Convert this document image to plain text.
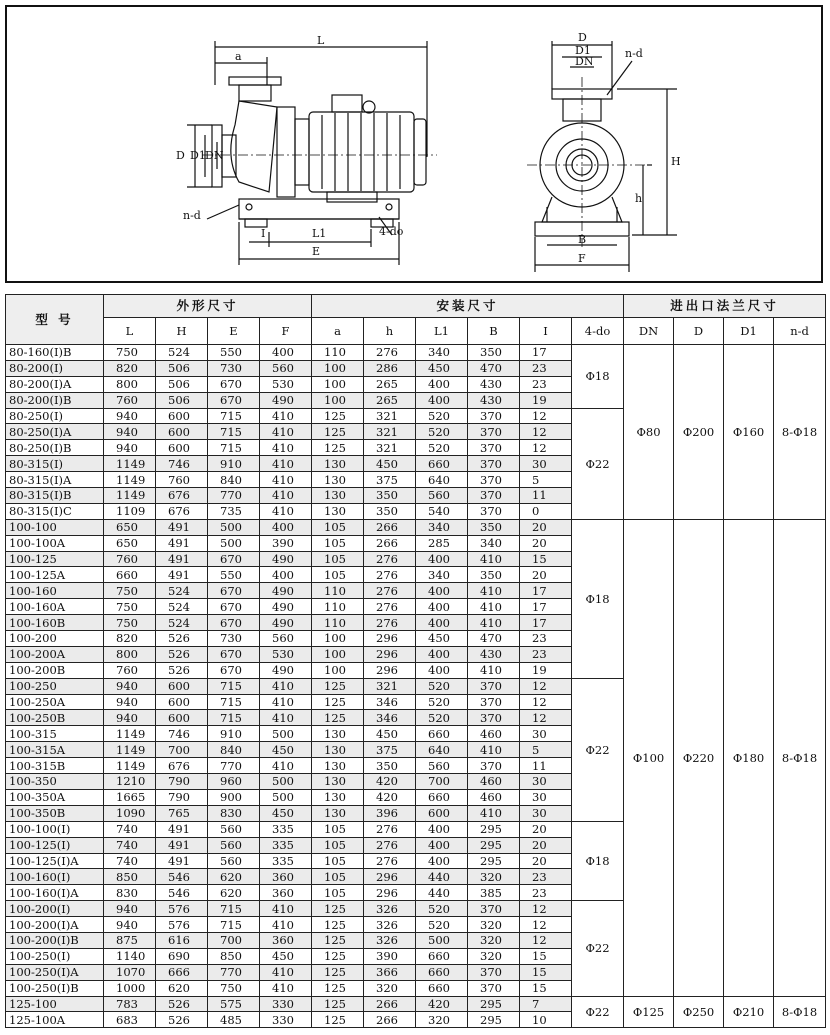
L
a
D D1 DN
n-d
L1
E
4-do
I
D
D1
DN
n-d
H
h
B
F
型 号	外形尺寸				安装尺寸						进出口法兰尺寸			
	L	H	E	F	a	h	L1	B	I	4-do	DN	D	D1	n-d
80-160(I)B	750	524	550	400	110	276	340	350	17	Φ18	Φ80	Φ200	Φ160	8-Φ18
80-200(I)	820	506	730	560	100	286	450	470	23					
80-200(I)A	800	506	670	530	100	265	400	430	23					
80-200(I)B	760	506	670	490	100	265	400	430	19					
80-250(I)	940	600	715	410	125	321	520	370	12	Φ22				
80-250(I)A	940	600	715	410	125	321	520	370	12					
80-250(I)B	940	600	715	410	125	321	520	370	12					
80-315(I)	1149	746	910	410	130	450	660	370	30					
80-315(I)A	1149	760	840	410	130	375	640	370	5					
80-315(I)B	1149	676	770	410	130	350	560	370	11					
80-315(I)C	1109	676	735	410	130	350	540	370	0					
100-100	650	491	500	400	105	266	340	350	20	Φ18	Φ100	Φ220	Φ180	8-Φ18
100-100A	650	491	500	390	105	266	285	340	20					
100-125	760	491	670	490	105	276	400	410	15					
100-125A	660	491	550	400	105	276	340	350	20					
100-160	750	524	670	490	110	276	400	410	17					
100-160A	750	524	670	490	110	276	400	410	17					
100-160B	750	524	670	490	110	276	400	410	17					
100-200	820	526	730	560	100	296	450	470	23					
100-200A	800	526	670	530	100	296	400	430	23					
100-200B	760	526	670	490	100	296	400	410	19					
100-250	940	600	715	410	125	321	520	370	12	Φ22				
100-250A	940	600	715	410	125	346	520	370	12					
100-250B	940	600	715	410	125	346	520	370	12					
100-315	1149	746	910	500	130	450	660	460	30					
100-315A	1149	700	840	450	130	375	640	410	5					
100-315B	1149	676	770	410	130	350	560	370	11					
100-350	1210	790	960	500	130	420	700	460	30					
100-350A	1665	790	900	500	130	420	660	460	30					
100-350B	1090	765	830	450	130	396	600	410	30					
100-100(I)	740	491	560	335	105	276	400	295	20	Φ18				
100-125(I)	740	491	560	335	105	276	400	295	20					
100-125(I)A	740	491	560	335	105	276	400	295	20					
100-160(I)	850	546	620	360	105	296	440	320	23					
100-160(I)A	830	546	620	360	105	296	440	385	23					
100-200(I)	940	576	715	410	125	326	520	370	12	Φ22				
100-200(I)A	940	576	715	410	125	326	520	320	12					
100-200(I)B	875	616	700	360	125	326	500	320	12					
100-250(I)	1140	690	850	450	125	390	660	320	15					
100-250(I)A	1070	666	770	410	125	366	660	370	15					
100-250(I)B	1000	620	750	410	125	320	660	370	15					
125-100	783	526	575	330	125	266	420	295	7	Φ22	Φ125	Φ250	Φ210	8-Φ18
125-100A	683	526	485	330	125	266	320	295	10					
